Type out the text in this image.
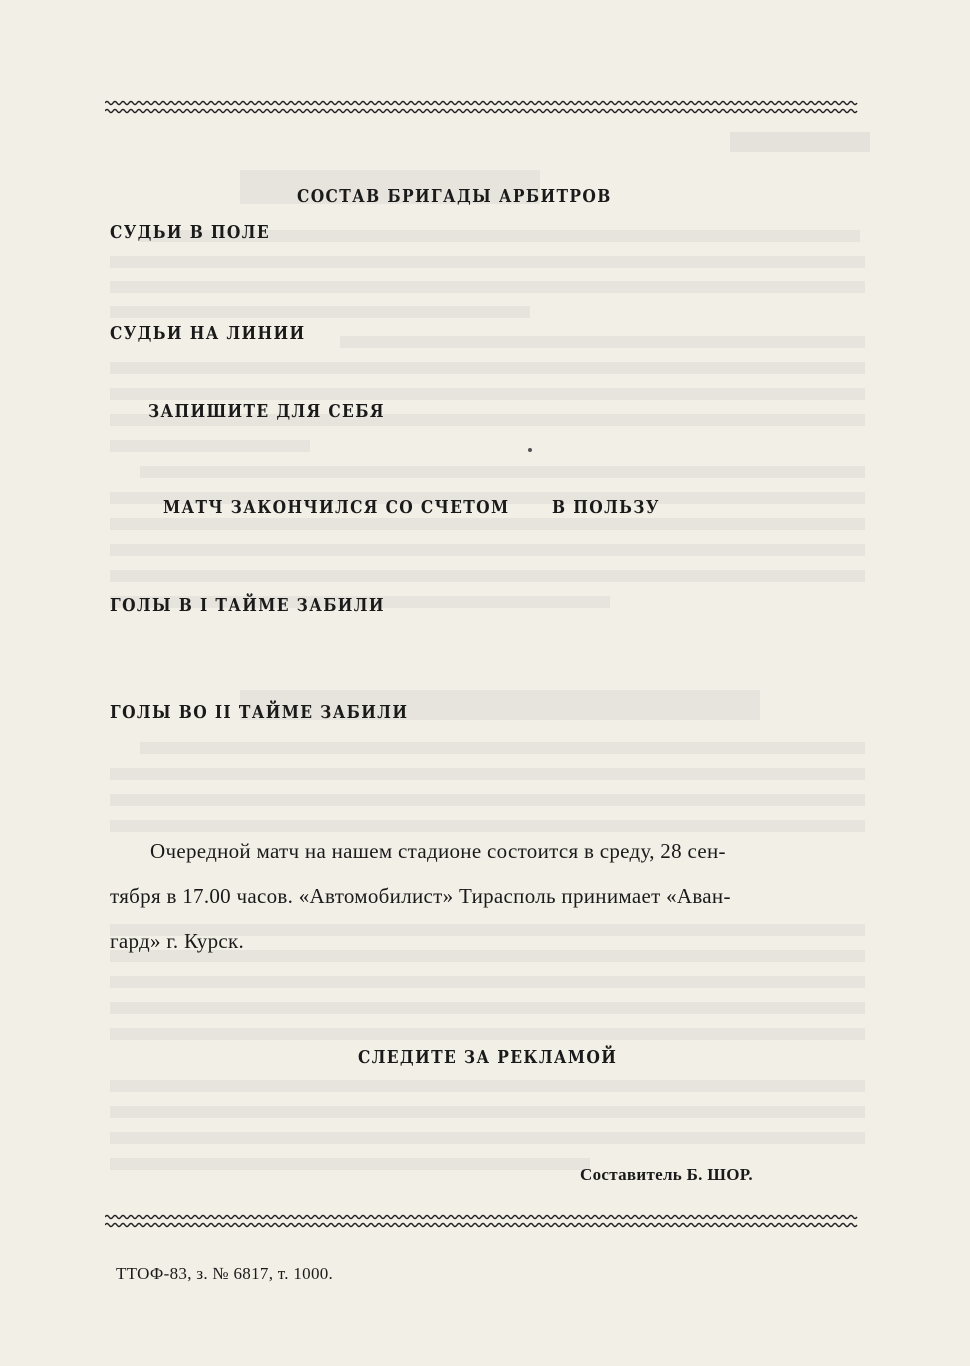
СОСТАВ БРИГАДЫ АРБИТРОВ
СУДЬИ В ПОЛЕ
СУДЬИ НА ЛИНИИ
ЗАПИШИТЕ ДЛЯ СЕБЯ
МАТЧ ЗАКОНЧИЛСЯ СО СЧЕТОМ В ПОЛЬЗУ
ГОЛЫ В I ТАЙМЕ ЗАБИЛИ
ГОЛЫ ВО II ТАЙМЕ ЗАБИЛИ
Очередной матч на нашем стадионе состоится в среду, 28 сен-
тября в 17.00 часов. «Автомобилист» Тирасполь принимает «Аван-
гард» г. Курск.
СЛЕДИТЕ ЗА РЕКЛАМОЙ
Составитель Б. ШОР.
ТТОФ-83, з. № 6817, т. 1000.
